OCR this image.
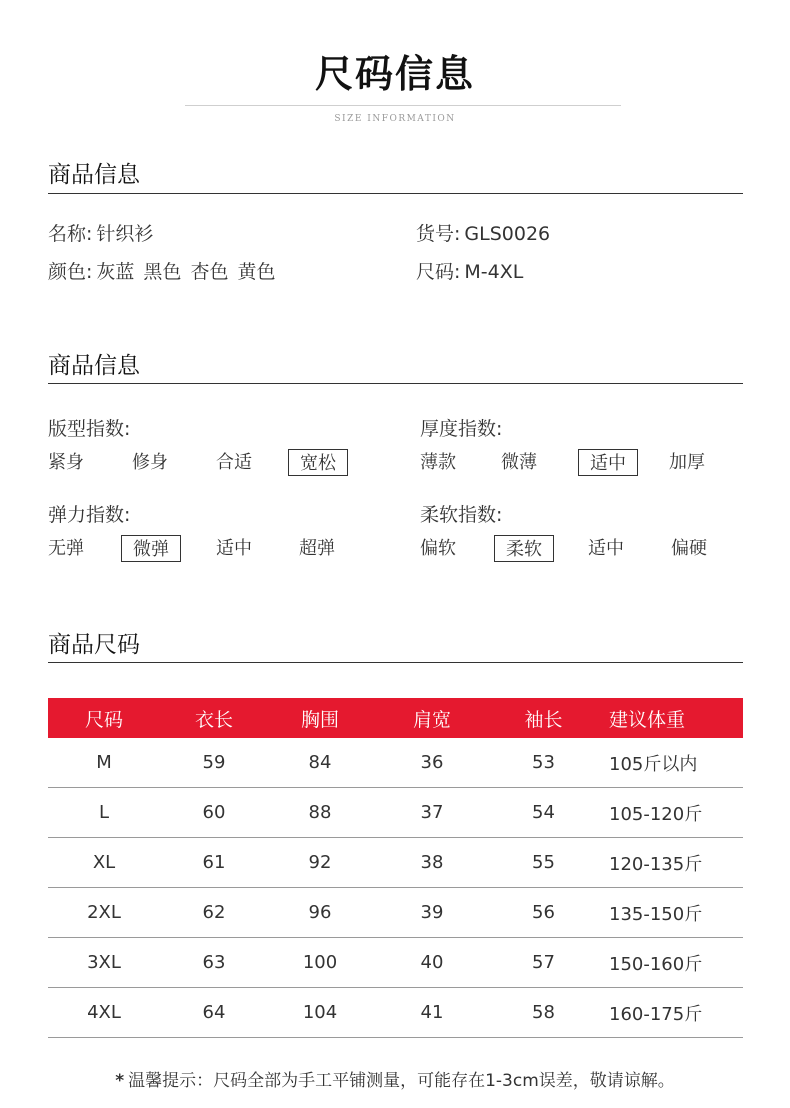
尺码信息
SIZE INFORMATION
商品信息
名称: 针织衫	货号: GLS0026
颜色: 灰蓝 黑色 杏色 黄色	尺码: M-4XL
商品信息
版型指数:
紧身	修身	合适	宽松
厚度指数:
薄款	微薄	适中	加厚
弹力指数:
无弹	微弹	适中	超弹
柔软指数:
偏软	柔软	适中	偏硬
商品尺码
尺码	衣长	胸围	肩宽	袖长	建议体重
M	59	84	36	53	105斤以内
L	60	88	37	54	105-120斤
XL	61	92	38	55	120-135斤
2XL	62	96	39	56	135-150斤
3XL	63	100	40	57	150-160斤
4XL	64	104	41	58	160-175斤
* 温馨提示：尺码全部为手工平铺测量，可能存在1-3cm误差，敬请谅解。
